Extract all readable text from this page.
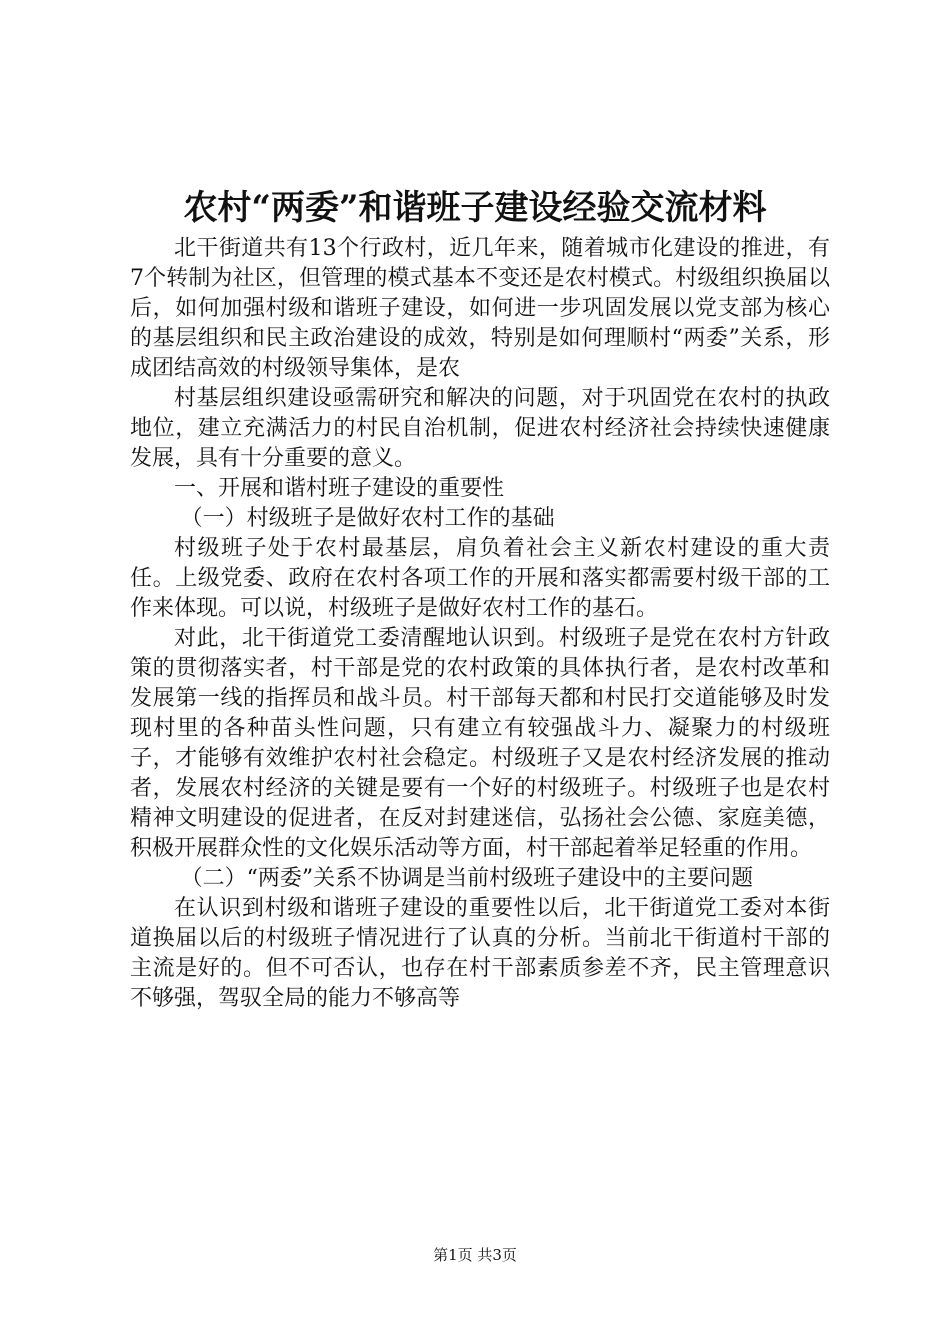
农村“两委”和谐班子建设经验交流材料

北干街道共有13个行政村，近几年来，随着城市化建设的推进，有7个转制为社区，但管理的模式基本不变还是农村模式。村级组织换届以后，如何加强村级和谐班子建设，如何进一步巩固发展以党支部为核心的基层组织和民主政治建设的成效，特别是如何理顺村“两委”关系，形成团结高效的村级领导集体，是农

村基层组织建设亟需研究和解决的问题，对于巩固党在农村的执政地位，建立充满活力的村民自治机制，促进农村经济社会持续快速健康发展，具有十分重要的意义。

一、开展和谐村班子建设的重要性

（一）村级班子是做好农村工作的基础

村级班子处于农村最基层，肩负着社会主义新农村建设的重大责任。上级党委、政府在农村各项工作的开展和落实都需要村级干部的工作来体现。可以说，村级班子是做好农村工作的基石。

对此，北干街道党工委清醒地认识到。村级班子是党在农村方针政策的贯彻落实者，村干部是党的农村政策的具体执行者，是农村改革和发展第一线的指挥员和战斗员。村干部每天都和村民打交道能够及时发现村里的各种苗头性问题，只有建立有较强战斗力、凝聚力的村级班子，才能够有效维护农村社会稳定。村级班子又是农村经济发展的推动者，发展农村经济的关键是要有一个好的村级班子。村级班子也是农村精神文明建设的促进者，在反对封建迷信，弘扬社会公德、家庭美德，积极开展群众性的文化娱乐活动等方面，村干部起着举足轻重的作用。

（二）“两委”关系不协调是当前村级班子建设中的主要问题

在认识到村级和谐班子建设的重要性以后，北干街道党工委对本街道换届以后的村级班子情况进行了认真的分析。当前北干街道村干部的主流是好的。但不可否认，也存在村干部素质参差不齐，民主管理意识不够强，驾驭全局的能力不够高等

第1页 共3页
